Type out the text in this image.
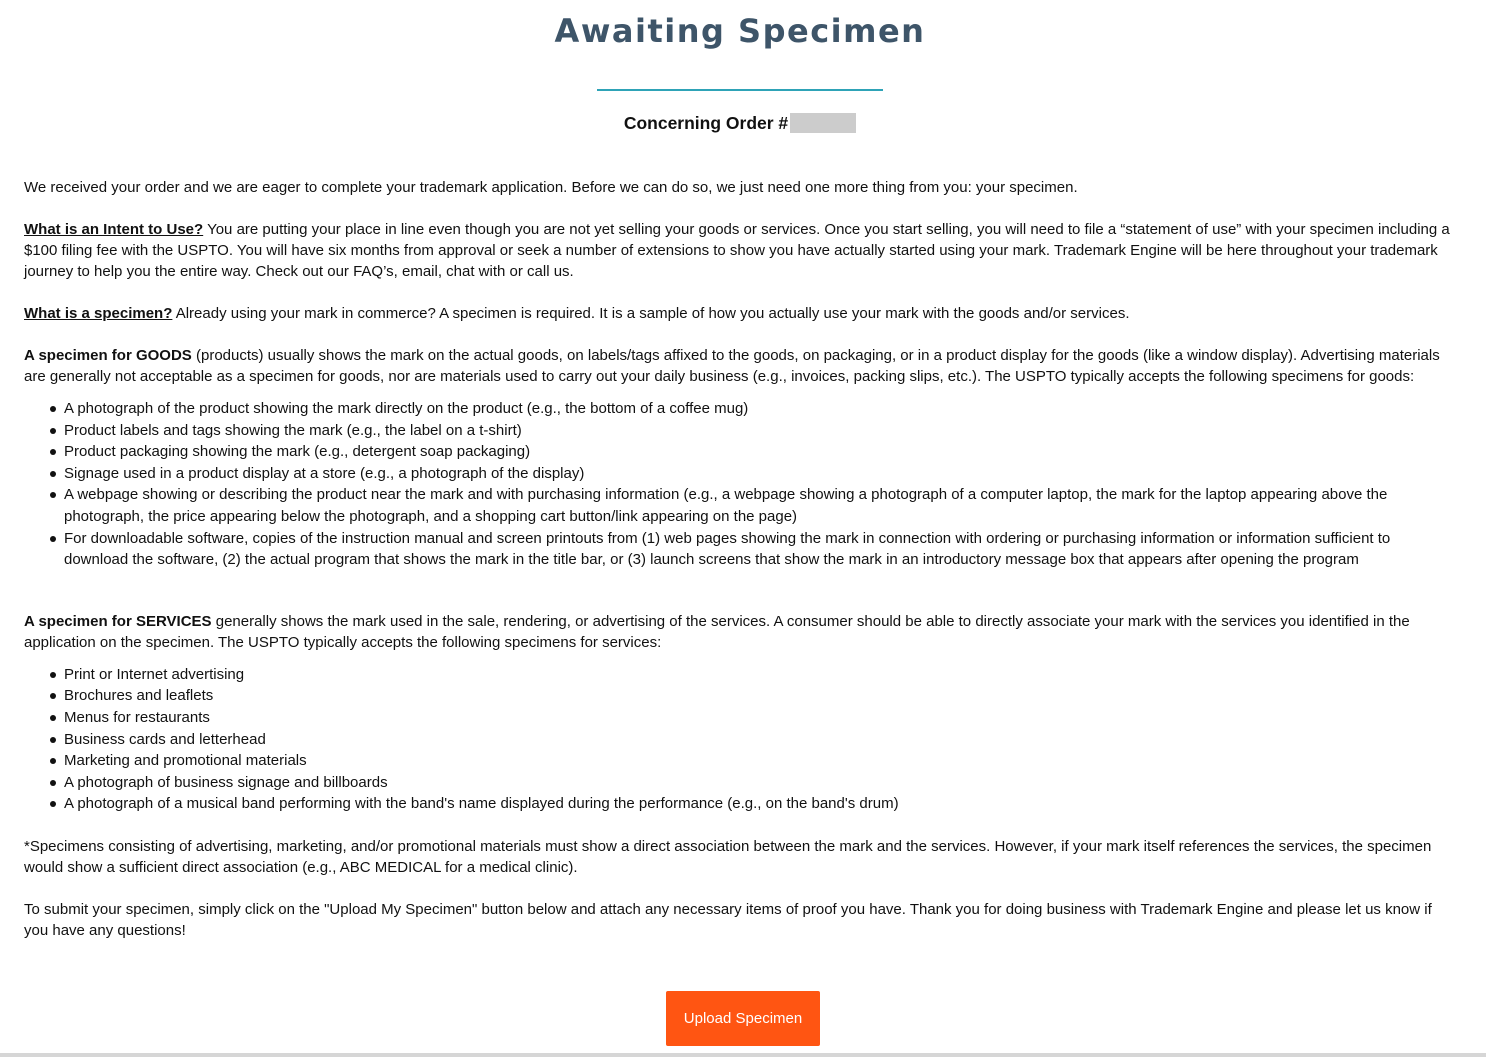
Awaiting Specimen
Concerning Order #

We received your order and we are eager to complete your trademark application. Before we can do so, we just need one more thing from you: your specimen.

What is an Intent to Use? You are putting your place in line even though you are not yet selling your goods or services. Once you start selling, you will need to file a “statement of use” with your specimen including a $100 filing fee with the USPTO. You will have six months from approval or seek a number of extensions to show you have actually started using your mark. Trademark Engine will be here throughout your trademark journey to help you the entire way. Check out our FAQ’s, email, chat with or call us.

What is a specimen? Already using your mark in commerce? A specimen is required. It is a sample of how you actually use your mark with the goods and/or services.

A specimen for GOODS (products) usually shows the mark on the actual goods, on labels/tags affixed to the goods, on packaging, or in a product display for the goods (like a window display). Advertising materials are generally not acceptable as a specimen for goods, nor are materials used to carry out your daily business (e.g., invoices, packing slips, etc.). The USPTO typically accepts the following specimens for goods:

A photograph of the product showing the mark directly on the product (e.g., the bottom of a coffee mug)
Product labels and tags showing the mark (e.g., the label on a t-shirt)
Product packaging showing the mark (e.g., detergent soap packaging)
Signage used in a product display at a store (e.g., a photograph of the display)
A webpage showing or describing the product near the mark and with purchasing information (e.g., a webpage showing a photograph of a computer laptop, the mark for the laptop appearing above the photograph, the price appearing below the photograph, and a shopping cart button/link appearing on the page)
For downloadable software, copies of the instruction manual and screen printouts from (1) web pages showing the mark in connection with ordering or purchasing information or information sufficient to download the software, (2) the actual program that shows the mark in the title bar, or (3) launch screens that show the mark in an introductory message box that appears after opening the program

A specimen for SERVICES generally shows the mark used in the sale, rendering, or advertising of the services. A consumer should be able to directly associate your mark with the services you identified in the application on the specimen. The USPTO typically accepts the following specimens for services:

Print or Internet advertising
Brochures and leaflets
Menus for restaurants
Business cards and letterhead
Marketing and promotional materials
A photograph of business signage and billboards
A photograph of a musical band performing with the band's name displayed during the performance (e.g., on the band's drum)

*Specimens consisting of advertising, marketing, and/or promotional materials must show a direct association between the mark and the services. However, if your mark itself references the services, the specimen would show a sufficient direct association (e.g., ABC MEDICAL for a medical clinic).

To submit your specimen, simply click on the "Upload My Specimen" button below and attach any necessary items of proof you have. Thank you for doing business with Trademark Engine and please let us know if you have any questions!

Upload Specimen
